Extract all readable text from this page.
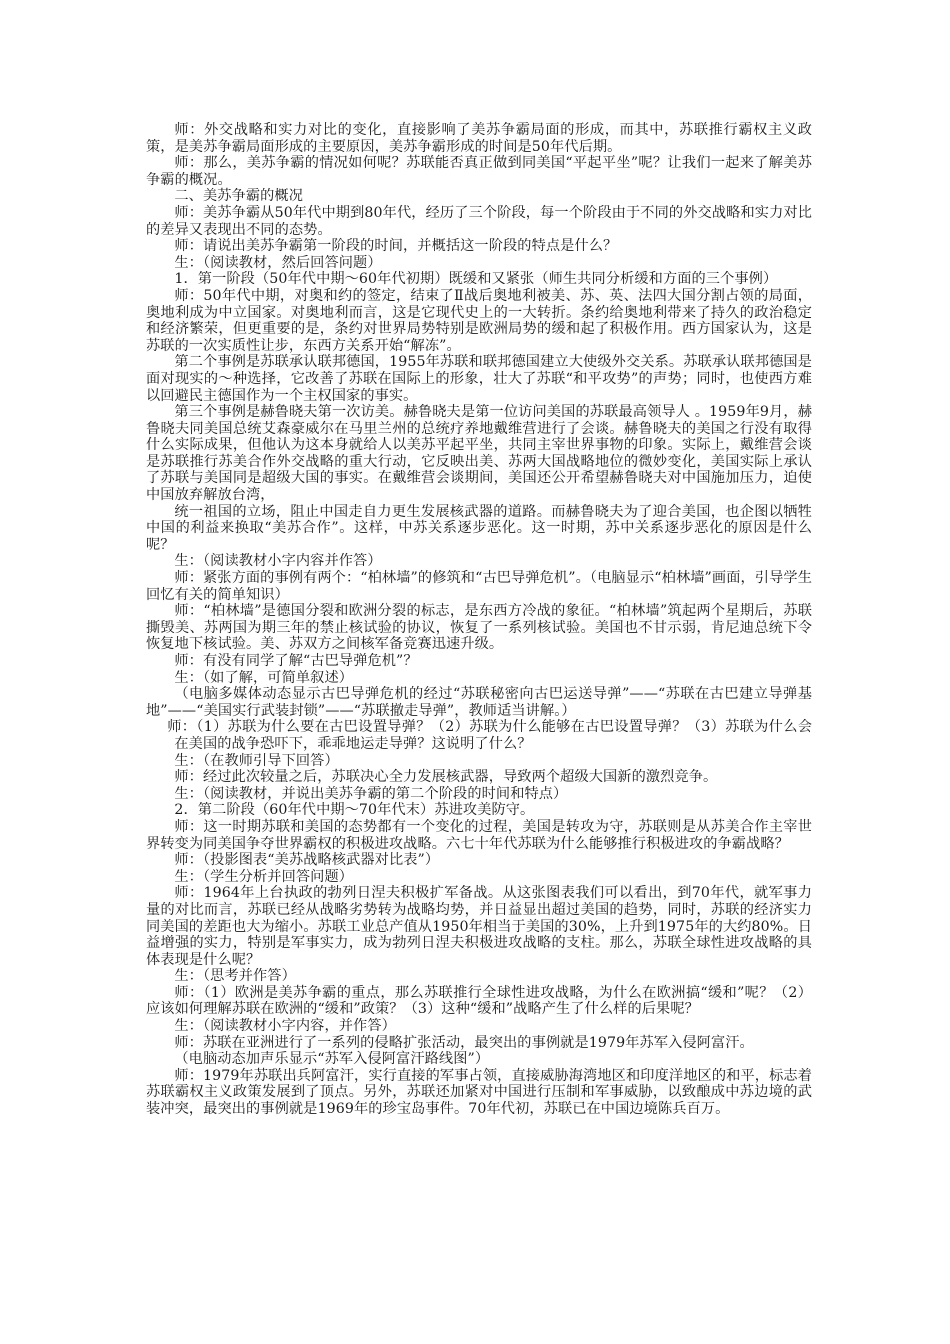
师：外交战略和实力对比的变化，直接影响了美苏争霸局面的形成，而其中，苏联推行霸权主义政策，是美苏争霸局面形成的主要原因，美苏争霸形成的时间是50年代后期。

师：那么，美苏争霸的情况如何呢？苏联能否真正做到同美国“平起平坐”呢？让我们一起来了解美苏争霸的概况。

二、美苏争霸的概况

师：美苏争霸从50年代中期到80年代，经历了三个阶段，每一个阶段由于不同的外交战略和实力对比的差异又表现出不同的态势。

师：请说出美苏争霸第一阶段的时间，并概括这一阶段的特点是什么？

生：（阅读教材，然后回答问题）

1．第一阶段（50年代中期～60年代初期）既缓和又紧张（师生共同分析缓和方面的三个事例）

师：50年代中期，对奥和约的签定，结束了Ⅱ战后奥地利被美、苏、英、法四大国分割占领的局面，奥地利成为中立国家。对奥地利而言，这是它现代史上的一大转折。条约给奥地利带来了持久的政治稳定和经济繁荣，但更重要的是，条约对世界局势特别是欧洲局势的缓和起了积极作用。西方国家认为，这是苏联的一次实质性让步，东西方关系开始“解冻”。

第二个事例是苏联承认联邦德国，1955年苏联和联邦德国建立大使级外交关系。苏联承认联邦德国是面对现实的～种选择，它改善了苏联在国际上的形象，壮大了苏联“和平攻势”的声势；同时，也使西方难以回避民主德国作为一个主权国家的事实。

第三个事例是赫鲁晓夫第一次访美。赫鲁晓夫是第一位访问美国的苏联最高领导人 。1959年9月，赫鲁晓夫同美国总统艾森豪威尔在马里兰州的总统疗养地戴维营进行了会谈。赫鲁晓夫的美国之行没有取得什么实际成果，但他认为这本身就给人以美苏平起平坐，共同主宰世界事物的印象。实际上，戴维营会谈是苏联推行苏美合作外交战略的重大行动，它反映出美、苏两大国战略地位的微妙变化，美国实际上承认了苏联与美国同是超级大国的事实。在戴维营会谈期间，美国还公开希望赫鲁晓夫对中国施加压力，迫使中国放弃解放台湾，

统一祖国的立场，阻止中国走自力更生发展核武器的道路。而赫鲁晓夫为了迎合美国，也企图以牺牲中国的利益来换取“美苏合作”。这样，中苏关系逐步恶化。这一时期，苏中关系逐步恶化的原因是什么呢？

生：（阅读教材小字内容并作答）

师：紧张方面的事例有两个：“柏林墙”的修筑和“古巴导弹危机”。（电脑显示“柏林墙”画面，引导学生回忆有关的简单知识）

师：“柏林墙”是德国分裂和欧洲分裂的标志，是东西方冷战的象征。“柏林墙”筑起两个星期后，苏联撕毁美、苏两国为期三年的禁止核试验的协议，恢复了一系列核试验。美国也不甘示弱，肯尼迪总统下令恢复地下核试验。美、苏双方之间核军备竞赛迅速升级。

师：有没有同学了解“古巴导弹危机”？

生：（如了解，可简单叙述）

（电脑多媒体动态显示古巴导弹危机的经过“苏联秘密向古巴运送导弹”——“苏联在古巴建立导弹基地”——“美国实行武装封锁”——“苏联撤走导弹”，教师适当讲解。）

师：（1）苏联为什么要在古巴设置导弹？（2）苏联为什么能够在古巴设置导弹？（3）苏联为什么会在美国的战争恐吓下，乖乖地运走导弹？这说明了什么？

生：（在教师引导下回答）

师：经过此次较量之后，苏联决心全力发展核武器，导致两个超级大国新的激烈竞争。

生：（阅读教材，并说出美苏争霸的第二个阶段的时间和特点）

2．第二阶段（60年代中期～70年代末）苏进攻美防守。

师：这一时期苏联和美国的态势都有一个变化的过程，美国是转攻为守，苏联则是从苏美合作主宰世界转变为同美国争夺世界霸权的积极进攻战略。六七十年代苏联为什么能够推行积极进攻的争霸战略？

师：（投影图表“美苏战略核武器对比表”）

生：（学生分析并回答问题）

师：1964年上台执政的勃列日涅夫积极扩军备战。从这张图表我们可以看出，到70年代，就军事力量的对比而言，苏联已经从战略劣势转为战略均势，并日益显出超过美国的趋势，同时，苏联的经济实力同美国的差距也大为缩小。苏联工业总产值从1950年相当于美国的30%，上升到1975年的大约80%。日益增强的实力，特别是军事实力，成为勃列日涅夫积极进攻战略的支柱。那么，苏联全球性进攻战略的具体表现是什么呢？

生：（思考并作答）

师：（1）欧洲是美苏争霸的重点，那么苏联推行全球性进攻战略，为什么在欧洲搞“缓和”呢？（2）应该如何理解苏联在欧洲的“缓和”政策？（3）这种“缓和”战略产生了什么样的后果呢？

生：（阅读教材小字内容，并作答）

师：苏联在亚洲进行了一系列的侵略扩张活动，最突出的事例就是1979年苏军入侵阿富汗。

（电脑动态加声乐显示“苏军入侵阿富汗路线图”）

师：1979年苏联出兵阿富汗，实行直接的军事占领，直接威胁海湾地区和印度洋地区的和平，标志着苏联霸权主义政策发展到了顶点。另外，苏联还加紧对中国进行压制和军事威胁，以致酿成中苏边境的武装冲突，最突出的事例就是1969年的珍宝岛事件。70年代初，苏联已在中国边境陈兵百万。
